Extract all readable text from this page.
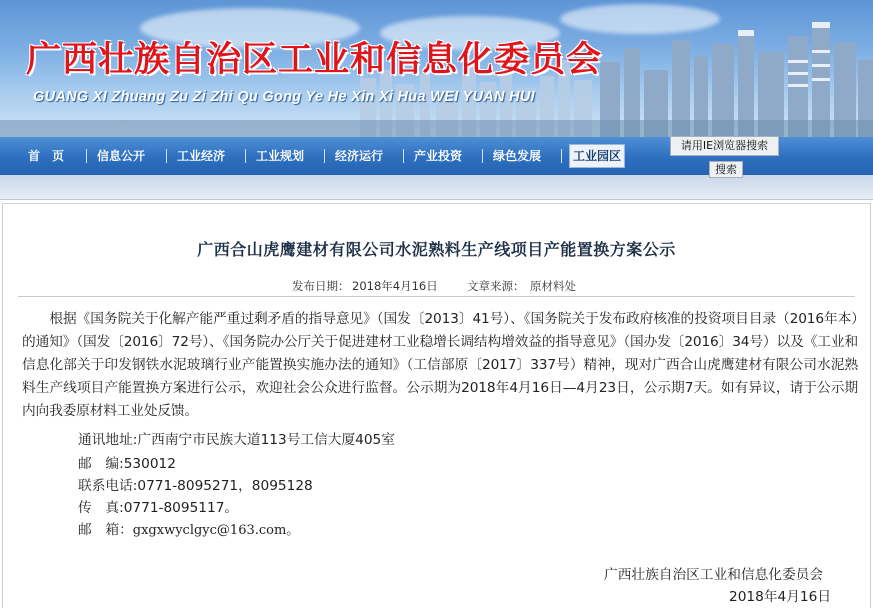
广西壮族自治区工业和信息化委员会
GUANG XI Zhuang Zu Zi Zhi Qu Gong Ye He Xin Xi Hua WEI YUAN HUI
首　页	信息公开	工业经济	工业规划	经济运行	产业投资	绿色发展	工业园区
请用IE浏览器搜索
搜索
广西合山虎鹰建材有限公司水泥熟料生产线项目产能置换方案公示
发布日期： 2018年4月16日	文章来源： 原材料处
根据《国务院关于化解产能严重过剩矛盾的指导意见》（国发〔2013〕41号）、《国务院关于发布政府核准的投资项目目录（2016年本）的通知》（国发〔2016〕72号）、《国务院办公厅关于促进建材工业稳增长调结构增效益的指导意见》（国办发〔2016〕34号）以及《工业和信息化部关于印发钢铁水泥玻璃行业产能置换实施办法的通知》（工信部原〔2017〕337号）精神，现对广西合山虎鹰建材有限公司水泥熟料生产线项目产能置换方案进行公示，欢迎社会公众进行监督。公示期为2018年4月16日—4月23日，公示期7天。如有异议，请于公示期内向我委原材料工业处反馈。
通讯地址:广西南宁市民族大道113号工信大厦405室
邮　编:530012
联系电话:0771-8095271，8095128
传　真:0771-8095117。
邮　箱：gxgxwyclgyc@163.com。
广西壮族自治区工业和信息化委员会
2018年4月16日
